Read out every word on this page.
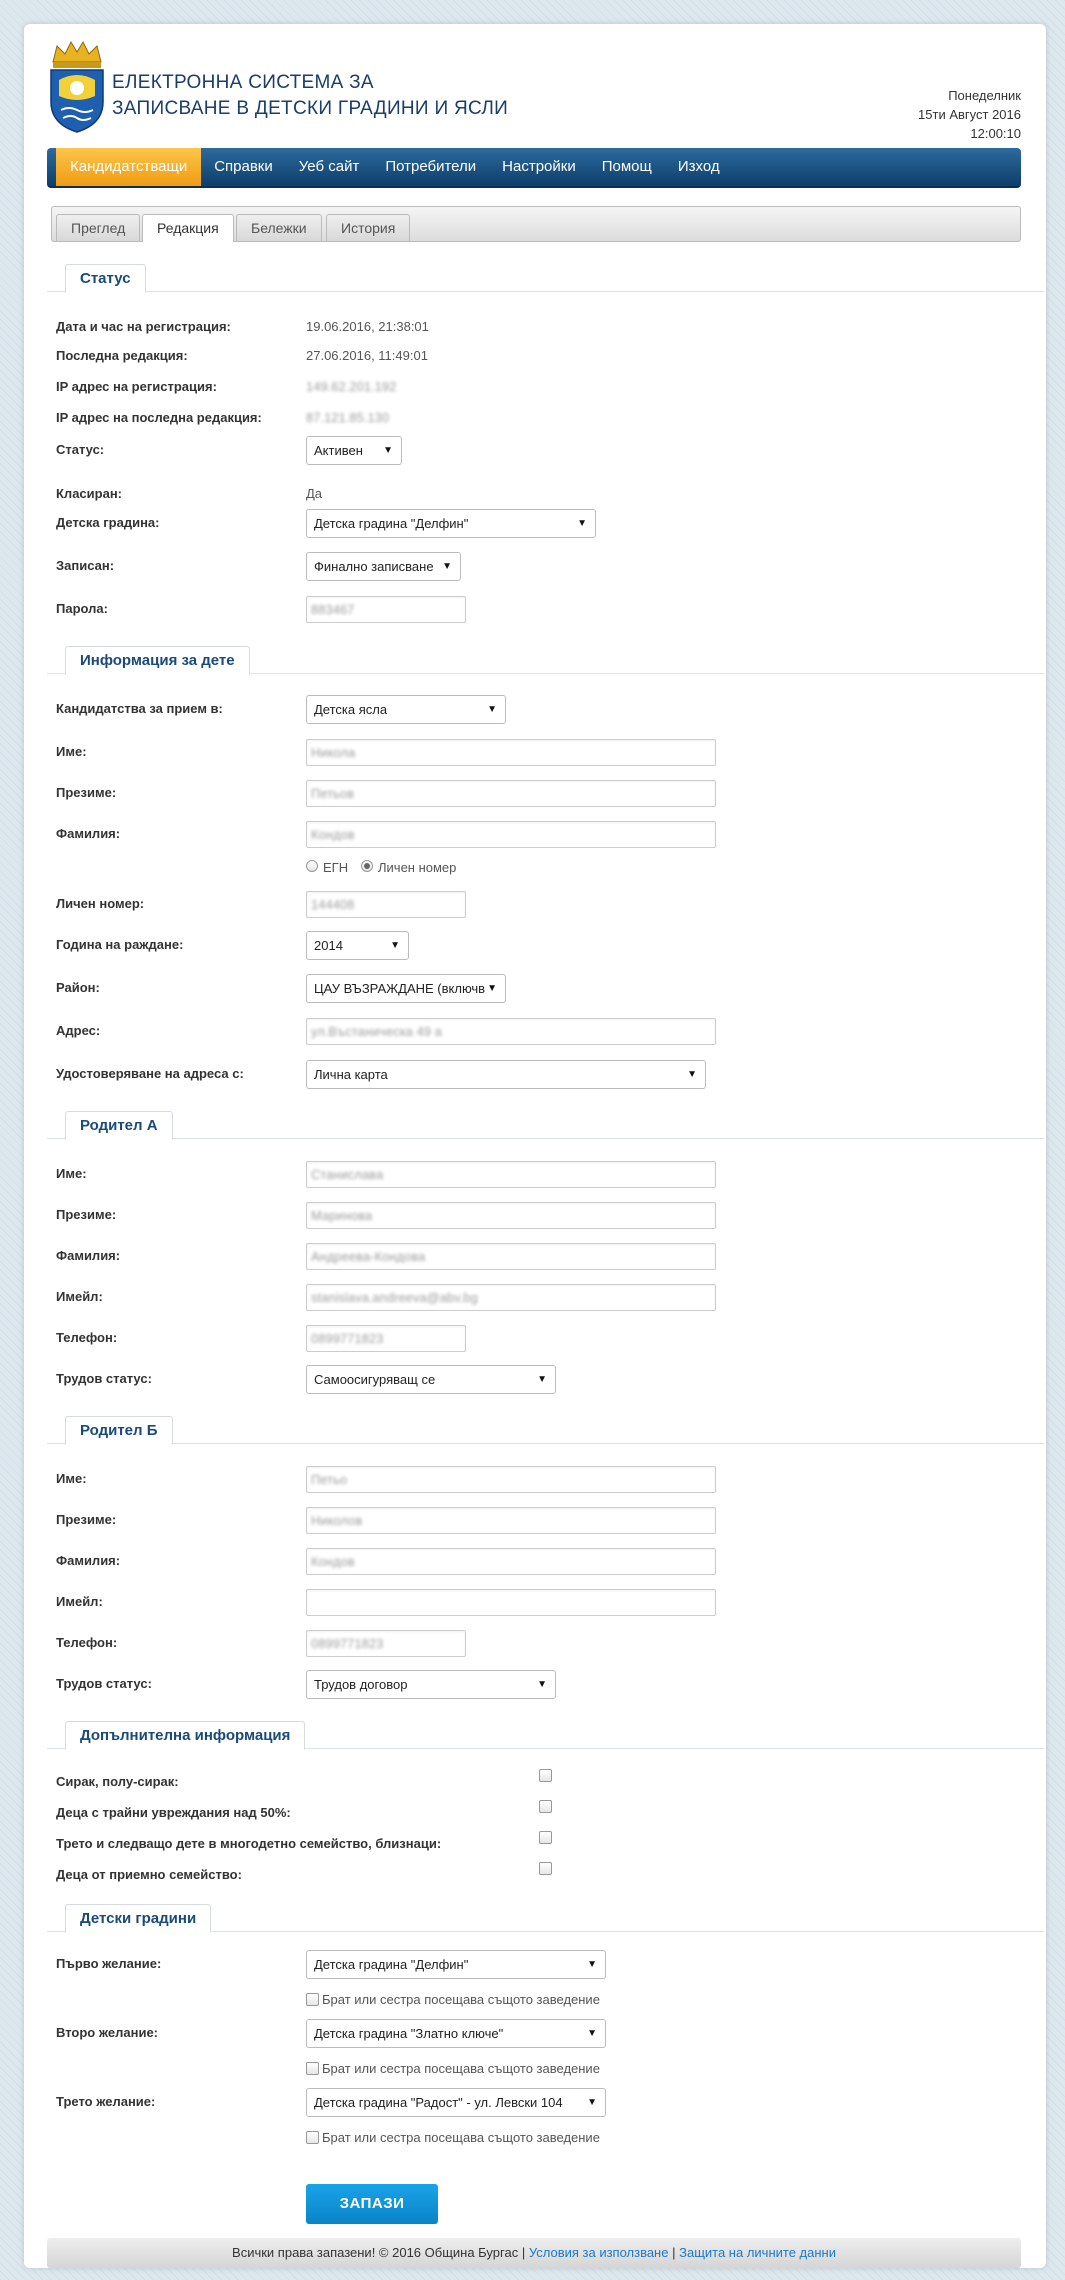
ЕЛЕКТРОННА СИСТЕМА ЗА
ЗАПИСВАНЕ В ДЕТСКИ ГРАДИНИ И ЯСЛИ
Понеделник
15ти Август 2016
12:00:10
Кандидатстващи	Справки	Уеб сайт	Потребители	Настройки	Помощ	Изход
Преглед	Редакция	Бележки	История
Статус
Дата и час на регистрация:	19.06.2016, 21:38:01
Последна редакция:	27.06.2016, 11:49:01
IP адрес на регистрация:	149.62.201.192
IP адрес на последна редакция:	87.121.85.130
Статус:	Активен ▼
Класиран:	Да
Детска градина:	Детска градина "Делфин"	▼
Записан:	Финално записване ▼
Парола:	883467
Информация за дете
Кандидатства за прием в:	Детска ясла	▼
Име:	Никола
Презиме:	Петьов
Фамилия:	Кондов
ЕГН Личен номер
Личен номер:	144408
Година на раждане:	2014	▼
Район:	ЦАУ ВЪЗРАЖДАНЕ (включв ▼
Адрес:	ул.Въстаническа 49 а
Удостоверяване на адреса с:	Лична карта	▼
Родител А
Име:	Станислава
Презиме:	Маринова
Фамилия:	Андреева-Кондова
Имейл:	stanislava.andreeva@abv.bg
Телефон:	0899771823
Трудов статус:	Самоосигуряващ се	▼
Родител Б
Име:	Петьо
Презиме:	Николов
Фамилия:	Кондов
Имейл:
Телефон:	0899771823
Трудов статус:	Трудов договор	▼
Допълнителна информация
Сирак, полу-сирак:
Деца с трайни увреждания над 50%:
Трето и следващо дете в многодетно семейство, близнаци:
Деца от приемно семейство:
Детски градини
Първо желание:	Детска градина "Делфин"	▼
Брат или сестра посещава същото заведение
Второ желание:	Детска градина "Златно ключе"	▼
Брат или сестра посещава същото заведение
Трето желание:	Детска градина "Радост" - ул. Левски 104 ▼
Брат или сестра посещава същото заведение
ЗАПАЗИ
Всички права запазени! © 2016 Община Бургас | Условия за използване | Защита на личните данни
